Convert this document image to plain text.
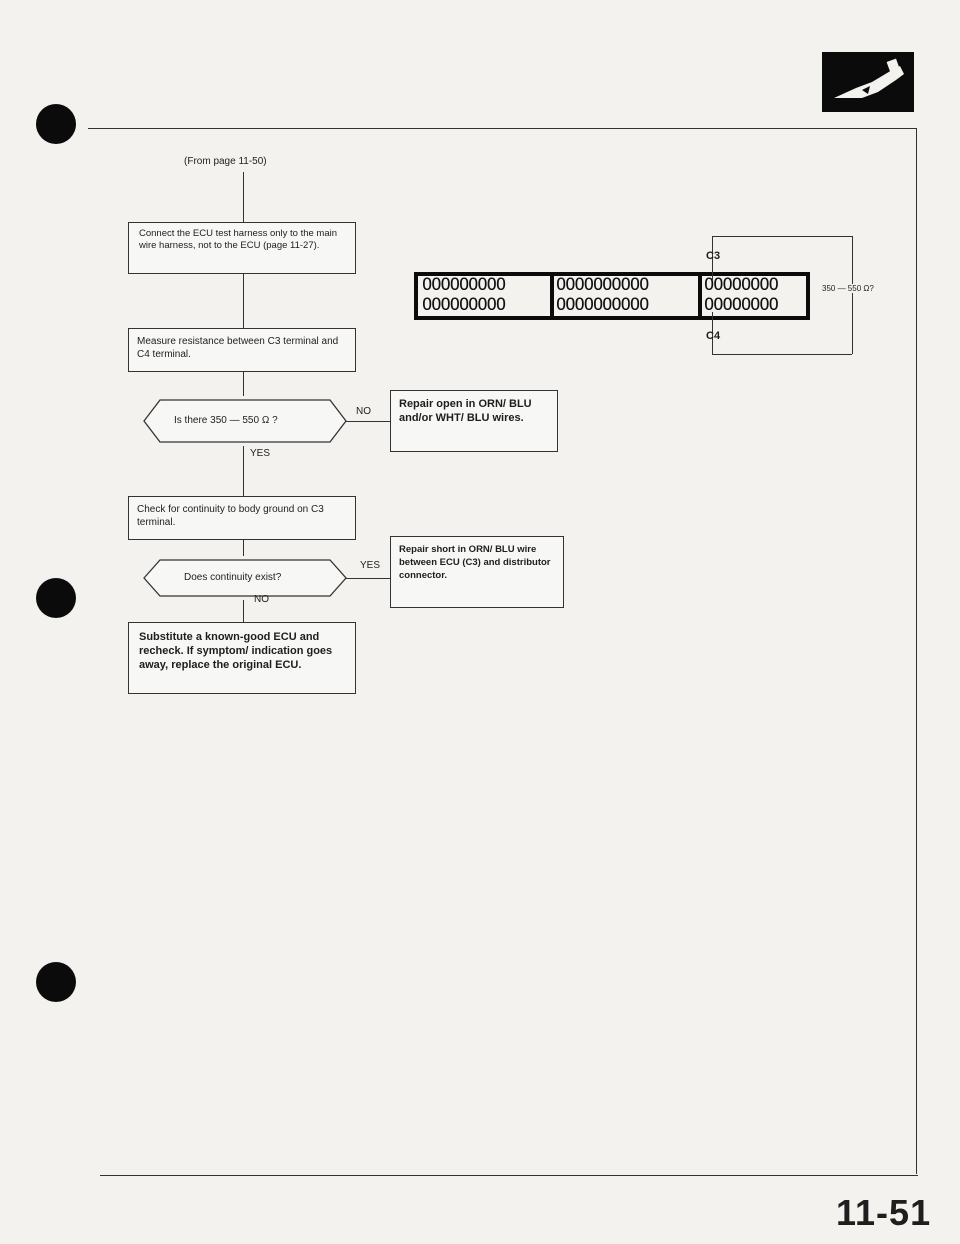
(From page 11-50)
Connect the ECU test harness only to the main wire harness, not to the ECU (page 11-27).
Measure resistance between C3 terminal and C4 terminal.
Is there 350 — 550 Ω ?
NO
Repair open in ORN/ BLU and/or WHT/ BLU wires.
YES
Check for continuity to body ground on C3 terminal.
Does continuity exist?
YES
Repair short in ORN/ BLU wire between ECU (C3) and distributor connector.
NO
Substitute a known-good ECU and recheck. If symptom/ indication goes away, replace the original ECU.
OOOOOOOOO	OOOOOOOOOO	OOOOOOOO
OOOOOOOOO	OOOOOOOOOO	OOOOOOOO
C3
C4
350 — 550 Ω?
11-51
